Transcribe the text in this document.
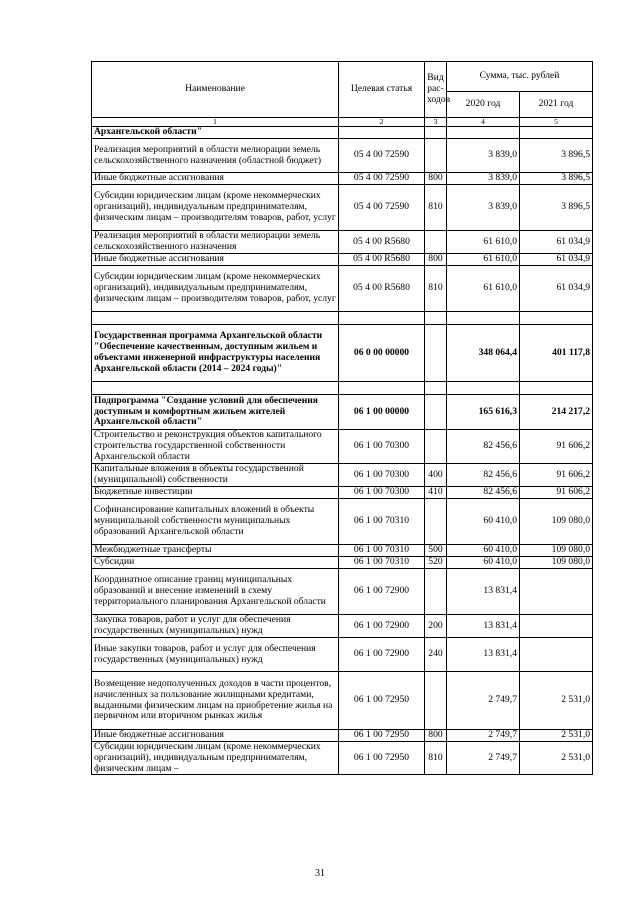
Наименование	Целевая статья	Вид рас-ходов	Сумма, тыс. рублей	
			2020 год	2021 год
1	2	3	4	5
Архангельской области"				
Реализация мероприятий в области мелиорации земель сельскохозяйственного назначения (областной бюджет)	05 4 00 72590		3 839,0	3 896,5
Иные бюджетные ассигнования	05 4 00 72590	800	3 839,0	3 896,5
Субсидии юридическим лицам (кроме некоммерческих организаций), индивидуальным предпринимателям, физическим лицам – производителям товаров, работ, услуг	05 4 00 72590	810	3 839,0	3 896,5
Реализация мероприятий в области мелиорации земель сельскохозяйственного назначения	05 4 00 R5680		61 610,0	61 034,9
Иные бюджетные ассигнования	05 4 00 R5680	800	61 610,0	61 034,9
Субсидии юридическим лицам (кроме некоммерческих организаций), индивидуальным предпринимателям, физическим лицам – производителям товаров, работ, услуг	05 4 00 R5680	810	61 610,0	61 034,9

Государственная программа Архангельской области "Обеспечение качественным, доступным жильем и объектами инженерной инфраструктуры населения Архангельской области (2014 – 2024 годы)"	06 0 00 00000		348 064,4	401 117,8

Подпрограмма "Создание условий для обеспечения доступным и комфортным жильем жителей Архангельской области"	06 1 00 00000		165 616,3	214 217,2
Строительство и реконструкция объектов капитального строительства государственной собственности Архангельской области	06 1 00 70300		82 456,6	91 606,2
Капитальные вложения в объекты государственной (муниципальной) собственности	06 1 00 70300	400	82 456,6	91 606,2
Бюджетные инвестиции	06 1 00 70300	410	82 456,6	91 606,2
Софинансирование капитальных вложений в объекты муниципальной собственности муниципальных образований Архангельской области	06 1 00 70310		60 410,0	109 080,0
Межбюджетные трансферты	06 1 00 70310	500	60 410,0	109 080,0
Субсидии	06 1 00 70310	520	60 410,0	109 080,0
Координатное описание границ муниципальных образований и внесение изменений в схему территориального планирования Архангельской области	06 1 00 72900		13 831,4	
Закупка товаров, работ и услуг для обеспечения государственных (муниципальных) нужд	06 1 00 72900	200	13 831,4	
Иные закупки товаров, работ и услуг для обеспечения государственных (муниципальных) нужд	06 1 00 72900	240	13 831,4	
Возмещение недополученных доходов в части процентов, начисленных за пользование жилищными кредитами, выданными физическим лицам на приобретение жилья на первичном или вторичном рынках жилья	06 1 00 72950		2 749,7	2 531,0
Иные бюджетные ассигнования	06 1 00 72950	800	2 749,7	2 531,0
Субсидии юридическим лицам (кроме некоммерческих организаций), индивидуальным предпринимателям, физическим лицам –	06 1 00 72950	810	2 749,7	2 531,0
31
